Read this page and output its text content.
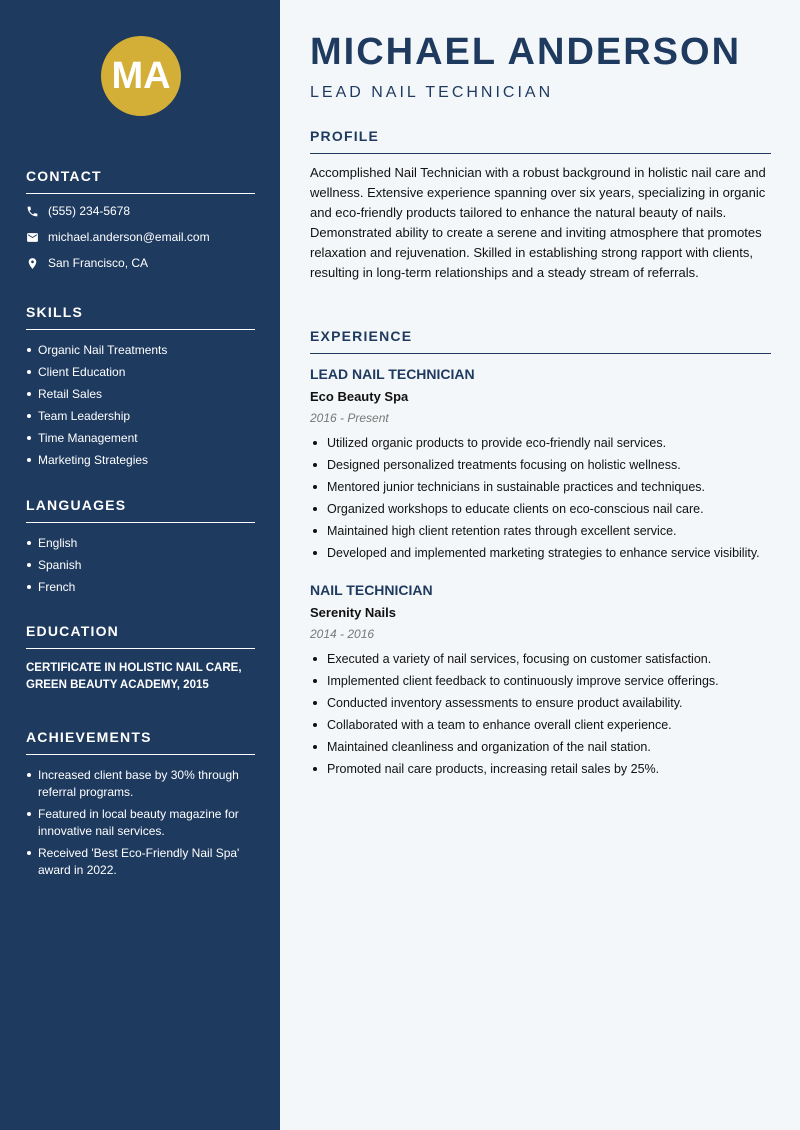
MA
CONTACT
(555) 234-5678
michael.anderson@email.com
San Francisco, CA
SKILLS
Organic Nail Treatments
Client Education
Retail Sales
Team Leadership
Time Management
Marketing Strategies
LANGUAGES
English
Spanish
French
EDUCATION
CERTIFICATE IN HOLISTIC NAIL CARE,
GREEN BEAUTY ACADEMY, 2015
ACHIEVEMENTS
Increased client base by 30% through referral programs.
Featured in local beauty magazine for innovative nail services.
Received 'Best Eco-Friendly Nail Spa' award in 2022.
MICHAEL ANDERSON
LEAD NAIL TECHNICIAN
PROFILE

Accomplished Nail Technician with a robust background in holistic nail care and wellness. Extensive experience spanning over six years, specializing in organic and eco-friendly products tailored to enhance the natural beauty of nails. Demonstrated ability to create a serene and inviting atmosphere that promotes relaxation and rejuvenation. Skilled in establishing strong rapport with clients, resulting in long-term relationships and a steady stream of referrals.

EXPERIENCE
LEAD NAIL TECHNICIAN
Eco Beauty Spa
2016 - Present
Utilized organic products to provide eco-friendly nail services.
Designed personalized treatments focusing on holistic wellness.
Mentored junior technicians in sustainable practices and techniques.
Organized workshops to educate clients on eco-conscious nail care.
Maintained high client retention rates through excellent service.
Developed and implemented marketing strategies to enhance service visibility.
NAIL TECHNICIAN
Serenity Nails
2014 - 2016
Executed a variety of nail services, focusing on customer satisfaction.
Implemented client feedback to continuously improve service offerings.
Conducted inventory assessments to ensure product availability.
Collaborated with a team to enhance overall client experience.
Maintained cleanliness and organization of the nail station.
Promoted nail care products, increasing retail sales by 25%.
